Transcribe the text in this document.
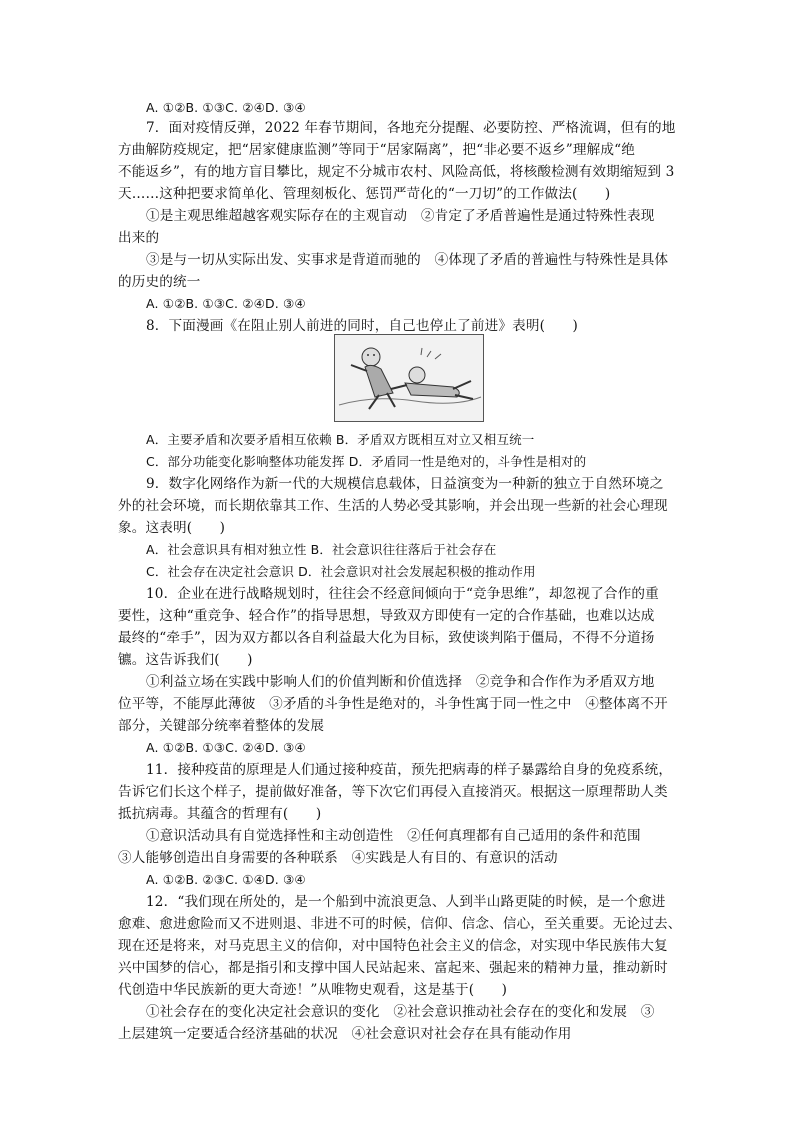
A. ①②B. ①③C. ②④D. ③④
7．面对疫情反弹，2022 年春节期间，各地充分提醒、必要防控、严格流调，但有的地
方曲解防疫规定，把“居家健康监测”等同于“居家隔离”，把“非必要不返乡”理解成“绝
不能返乡”，有的地方盲目攀比，规定不分城市农村、风险高低，将核酸检测有效期缩短到 3
天……这种把要求简单化、管理刻板化、惩罚严苛化的“一刀切”的工作做法(　　)
①是主观思维超越客观实际存在的主观盲动　②肯定了矛盾普遍性是通过特殊性表现
出来的
③是与一切从实际出发、实事求是背道而驰的　④体现了矛盾的普遍性与特殊性是具体
的历史的统一
A. ①②B. ①③C. ②④D. ③④
8．下面漫画《在阻止别人前进的同时，自己也停止了前进》表明(　　)
A．主要矛盾和次要矛盾相互依赖 B．矛盾双方既相互对立又相互统一
C．部分功能变化影响整体功能发挥 D．矛盾同一性是绝对的，斗争性是相对的
9．数字化网络作为新一代的大规模信息载体，日益演变为一种新的独立于自然环境之
外的社会环境，而长期依靠其工作、生活的人势必受其影响，并会出现一些新的社会心理现
象。这表明(　　)
A．社会意识具有相对独立性 B．社会意识往往落后于社会存在
C．社会存在决定社会意识 D．社会意识对社会发展起积极的推动作用
10．企业在进行战略规划时，往往会不经意间倾向于“竞争思维”，却忽视了合作的重
要性，这种“重竞争、轻合作”的指导思想，导致双方即使有一定的合作基础，也难以达成
最终的“牵手”，因为双方都以各自利益最大化为目标，致使谈判陷于僵局，不得不分道扬
镳。这告诉我们(　　)
①利益立场在实践中影响人们的价值判断和价值选择　②竞争和合作作为矛盾双方地
位平等，不能厚此薄彼　③矛盾的斗争性是绝对的，斗争性寓于同一性之中　④整体离不开
部分，关键部分统率着整体的发展
A. ①②B. ①③C. ②④D. ③④
11．接种疫苗的原理是人们通过接种疫苗，预先把病毒的样子暴露给自身的免疫系统，
告诉它们长这个样子，提前做好准备，等下次它们再侵入直接消灭。根据这一原理帮助人类
抵抗病毒。其蕴含的哲理有(　　)
①意识活动具有自觉选择性和主动创造性　②任何真理都有自己适用的条件和范围
③人能够创造出自身需要的各种联系　④实践是人有目的、有意识的活动
A. ①②B. ②③C. ①④D. ③④
12．“我们现在所处的，是一个船到中流浪更急、人到半山路更陡的时候，是一个愈进
愈难、愈进愈险而又不进则退、非进不可的时候，信仰、信念、信心，至关重要。无论过去、
现在还是将来，对马克思主义的信仰，对中国特色社会主义的信念，对实现中华民族伟大复
兴中国梦的信心，都是指引和支撑中国人民站起来、富起来、强起来的精神力量，推动新时
代创造中华民族新的更大奇迹！”从唯物史观看，这是基于(　　)
①社会存在的变化决定社会意识的变化　②社会意识推动社会存在的变化和发展　③
上层建筑一定要适合经济基础的状况　④社会意识对社会存在具有能动作用
